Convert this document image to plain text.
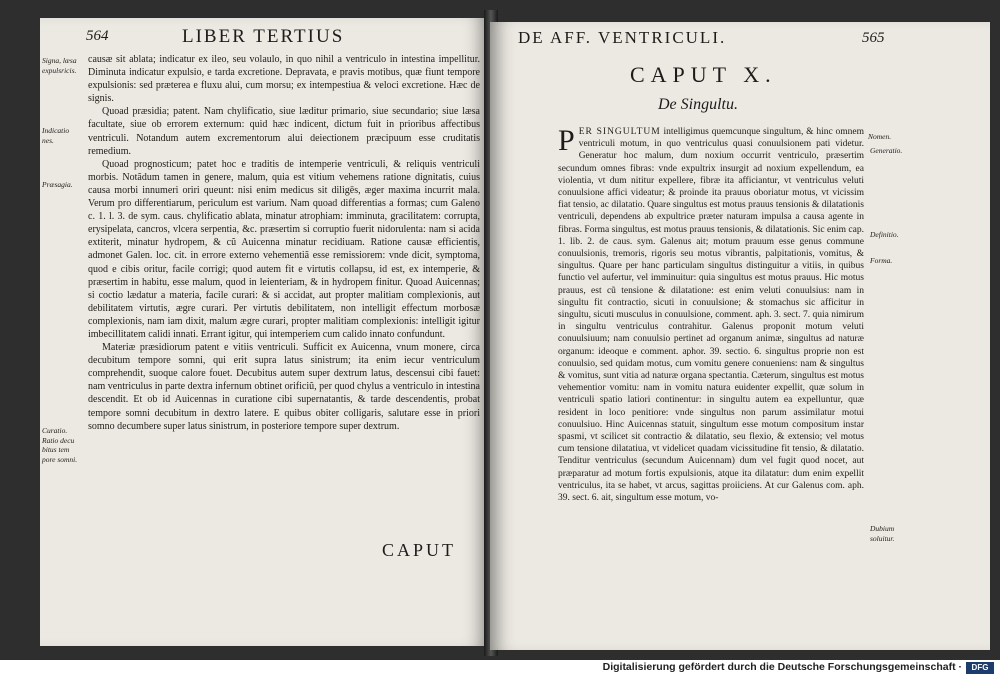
564	LIBER TERTIUS
Signa, læsa expulsricis.
Indicatio nes.
Præsagia.
Curatio. Ratio decu bitus tem pore somni.

causæ sit ablata; indicatur ex ileo, seu volaulo, in quo nihil a ventriculo in intestina impellitur. Diminuta indicatur expulsio, e tarda excretione. Depravata, e pravis motibus, quæ fiunt tempore expulsionis: sed præterea e fluxu alui, cum morsu; ex intempestiua & veloci excretione. Hæc de signis.

Quoad præsidia; patent. Nam chylificatio, siue læditur primario, siue secundario; siue læsa facultate, siue ob errorem externum: quid hæc indicent, dictum fuit in prioribus affectibus ventriculi. Notandum autem excrementorum alui deiectionem præcipuum esse cruditatis remedium.

Quoad prognosticum; patet hoc e traditis de intemperie ventriculi, & reliquis ventriculi morbis. Notãdum tamen in genere, malum, quia est vitium vehemens ratione dignitatis, cuius causa morbi innumeri oriri queunt: nisi enim medicus sit diligēs, æger maxima incurrit mala. Verum pro differentiarum, periculum est varium. Nam quoad differentias a formas; cum Galeno c. 1. l. 3. de sym. caus. chylificatio ablata, minatur atrophiam: imminuta, gracilitatem: corrupta, erysipelata, cancros, vlcera serpentia, &c. præsertim si corruptio fuerit nidorulenta: nam si acida extiterit, minatur hydropem, & cũ Auicenna minatur recidiuam. Ratione causæ efficientis, admonet Galen. loc. cit. in errore externo vehementiã esse remissiorem: vnde dicit, symptoma, quod e cibis oritur, facile corrigi; quod autem fit e virtutis collapsu, id est, ex intemperie, & præsertim in habitu, esse malum, quod in leienteriam, & in hydropem finitur. Quoad Auicennas; si coctio lædatur a materia, facile curari: & si accidat, aut propter malitiam complexionis, aut debilitatem virtutis, ægre curari. Per virtutis debilitatem, non intelligit effectum morbosæ complexionis, nam iam dixit, malum ægre curari, propter malitiam complexionis: intelligit igitur imbecillitatem calidi innati. Errant igitur, qui intemperiem cum calido innato confundunt.

Materiæ præsidiorum patent e vitiis ventriculi. Sufficit ex Auicenna, vnum monere, circa decubitum tempore somni, qui erit supra latus sinistrum; ita enim iecur ventriculum comprehendit, suoque calore fouet. Decubitus autem super dextrum latus, descensui cibi fauet: nam ventriculus in parte dextra infernum obtinet orificiũ, per quod chylus a ventriculo in intestina descendit. Et ob id Auicennas in curatione cibi supernatantis, & tarde descendentis, probat tempore somni decubitum in dextro latere. E quibus obiter colligaris, salutare esse in priori somno decumbere super latus sinistrum, in posteriore tempore super dextrum.

CAPUT
DE AFF. VENTRICULI.	565
CAPUT X.
De Singultu.
Nomen.
Generatio.
Definitio.
Forma.
Dubium soluitur.

PER SINGULTUM intelligimus quemcunque singultum, & hinc omnem ventriculi motum, in quo ventriculus quasi conuulsionem pati videtur. Generatur hoc malum, dum noxium occurrit ventriculo, præsertim secundum omnes fibras: vnde expultrix insurgit ad noxium expellendum, ea violentia, vt dum nititur expellere, fibræ ita afficiantur, vt ventriculus veluti conuulsione affici videatur; & proinde ita prauus oboriatur motus, vt vicissim fiat tensio, ac dilatatio. Quare singultus est motus prauus tensionis & dilatationis ventriculi, dependens ab expultrice præter naturam impulsa a causa agente in fibras. Forma singultus, est motus prauus tensionis, & dilatationis. Sic enim cap. 1. lib. 2. de caus. sym. Galenus ait; motum prauum esse genus commune conuulsionis, tremoris, rigoris seu motus vibrantis, palpitationis, vomitus, & singultus. Quare per hanc particulam singultus distinguitur a vitiis, in quibus functio vel aufertur, vel imminuitur: quia singultus est motus prauus. Hic motus prauus, est cũ tensione & dilatatione: est enim veluti conuulsius: nam in singultu fit contractio, sicuti in conuulsione; & stomachus sic afficitur in singultu, sicuti musculus in conuulsione, comment. aph. 3. sect. 7. quia nimirum in singultu ventriculus contrahitur. Galenus proponit motum veluti conuulsiuum; nam conuulsio pertinet ad organum animæ, singultus ad naturæ organum: ideoque e comment. aphor. 39. sectio. 6. singultus proprie non est conuulsio, sed quidam motus, cum vomitu genere conueniens: nam & singultus & vomitus, sunt vitia ad naturæ organa spectantia. Cæterum, singultus est motus vehementior vomitu: nam in vomitu natura euidenter expellit, quæ solum in ventriculi spatio latiori continentur: in singultu autem ea expelluntur, quæ resident in loco penitiore: vnde singultus non parum assimilatur motui conuulsiuo. Hinc Auicennas statuit, singultum esse motum compositum instar spasmi, vt scilicet sit contractio & dilatatio, seu flexio, & extensio; vel motus cum tensione dilatatiua, vt videlicet quadam vicissitudine fit tensio, & dilatatio. Tenditur ventriculus (secundum Auicennam) dum vel fugit quod nocet, aut præparatur ad motum fortis expulsionis, atque ita dilatatur: dum enim expellit ventriculus, ita se habet, vt arcus, sagittas proiiciens. At cur Galenus com. aph. 39. sect. 6. ait, singultum esse motum, vo-

Digitalisierung gefördert durch die Deutsche Forschungsgemeinschaft ·	DFG
